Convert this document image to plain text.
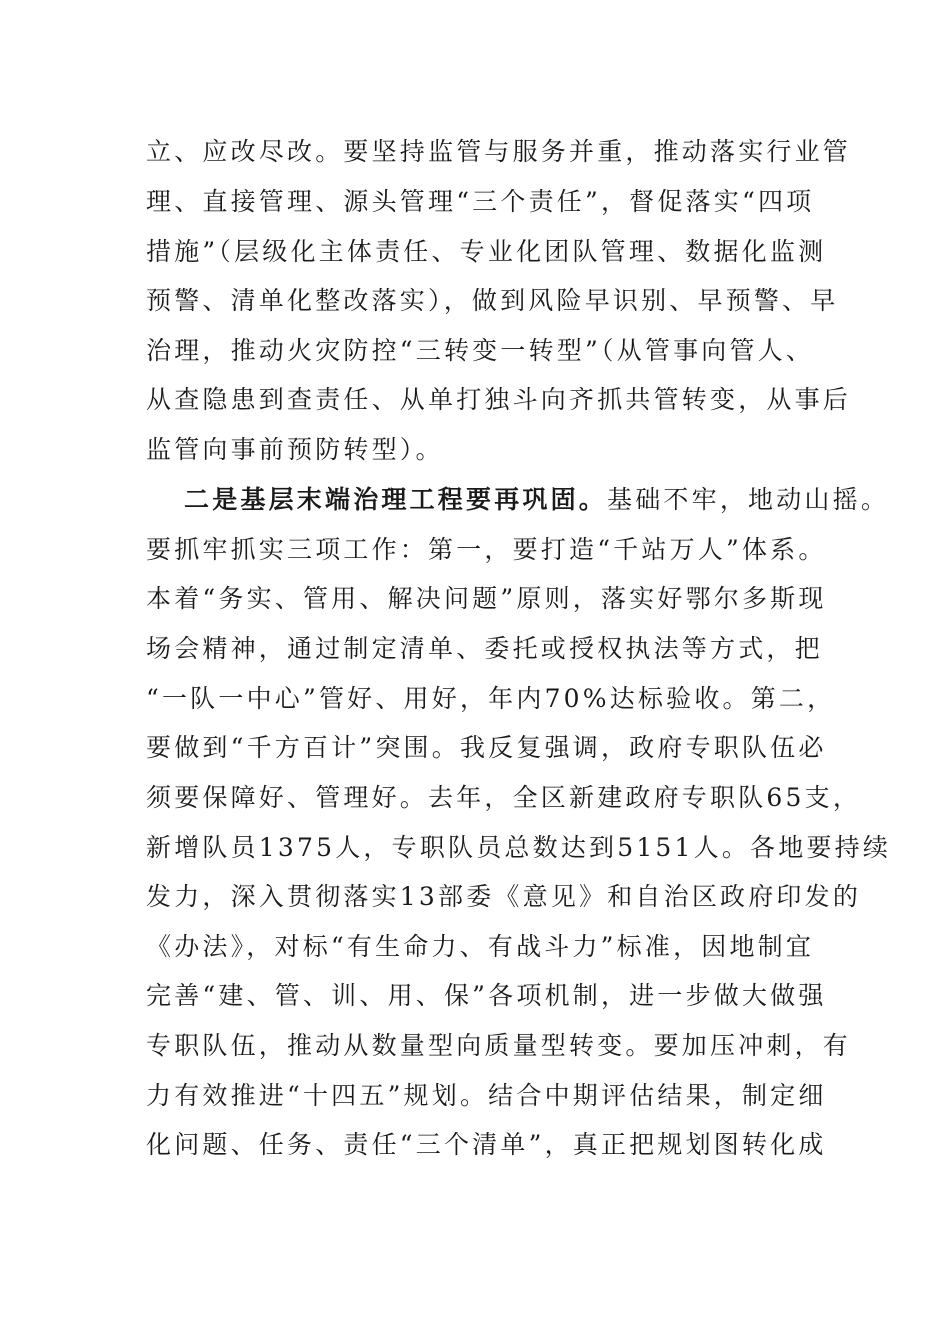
立、应改尽改。要坚持监管与服务并重，推动落实行业管
理、直接管理、源头管理“三个责任”，督促落实“四项
措施”（层级化主体责任、专业化团队管理、数据化监测
预警、清单化整改落实），做到风险早识别、早预警、早
治理，推动火灾防控“三转变一转型”（从管事向管人、
从查隐患到查责任、从单打独斗向齐抓共管转变，从事后
监管向事前预防转型）。
二是基层末端治理工程要再巩固。基础不牢，地动山摇。
要抓牢抓实三项工作：第一，要打造“千站万人”体系。
本着“务实、管用、解决问题”原则，落实好鄂尔多斯现
场会精神，通过制定清单、委托或授权执法等方式，把
“一队一中心”管好、用好，年内70%达标验收。第二，
要做到“千方百计”突围。我反复强调，政府专职队伍必
须要保障好、管理好。去年，全区新建政府专职队65支，
新增队员1375人，专职队员总数达到5151人。各地要持续
发力，深入贯彻落实13部委《意见》和自治区政府印发的
《办法》，对标“有生命力、有战斗力”标准，因地制宜
完善“建、管、训、用、保”各项机制，进一步做大做强
专职队伍，推动从数量型向质量型转变。要加压冲刺，有
力有效推进“十四五”规划。结合中期评估结果，制定细
化问题、任务、责任“三个清单”，真正把规划图转化成
